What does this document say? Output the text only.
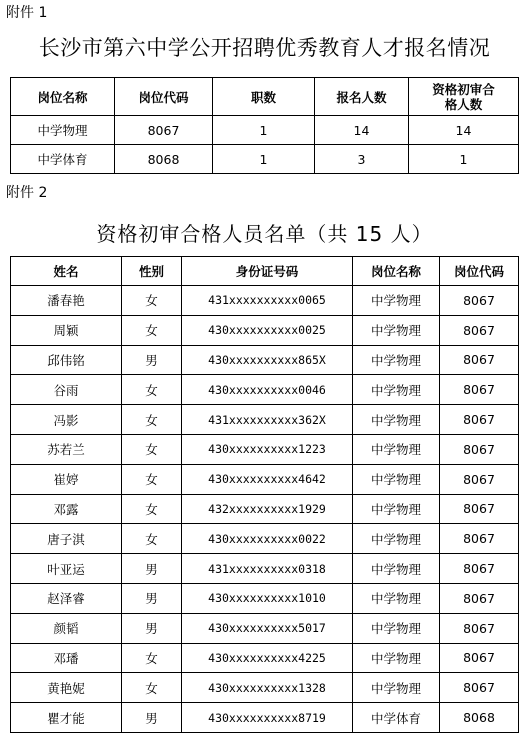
附件 1
长沙市第六中学公开招聘优秀教育人才报名情况
岗位名称	岗位代码	职数	报名人数	资格初审合格人数
中学物理	8067	1	14	14
中学体育	8068	1	3	1
附件 2
资格初审合格人员名单（共 15 人）
姓名	性别	身份证号码	岗位名称	岗位代码
潘春艳	女	431xxxxxxxxxx0065	中学物理	8067
周颖	女	430xxxxxxxxxx0025	中学物理	8067
邱伟铭	男	430xxxxxxxxxx865X	中学物理	8067
谷雨	女	430xxxxxxxxxx0046	中学物理	8067
冯影	女	431xxxxxxxxxx362X	中学物理	8067
苏若兰	女	430xxxxxxxxxx1223	中学物理	8067
崔婷	女	430xxxxxxxxxx4642	中学物理	8067
邓露	女	432xxxxxxxxxx1929	中学物理	8067
唐子淇	女	430xxxxxxxxxx0022	中学物理	8067
叶亚运	男	431xxxxxxxxxx0318	中学物理	8067
赵泽睿	男	430xxxxxxxxxx1010	中学物理	8067
颜韬	男	430xxxxxxxxxx5017	中学物理	8067
邓璠	女	430xxxxxxxxxx4225	中学物理	8067
黄艳妮	女	430xxxxxxxxxx1328	中学物理	8067
瞿才能	男	430xxxxxxxxxx8719	中学体育	8068
